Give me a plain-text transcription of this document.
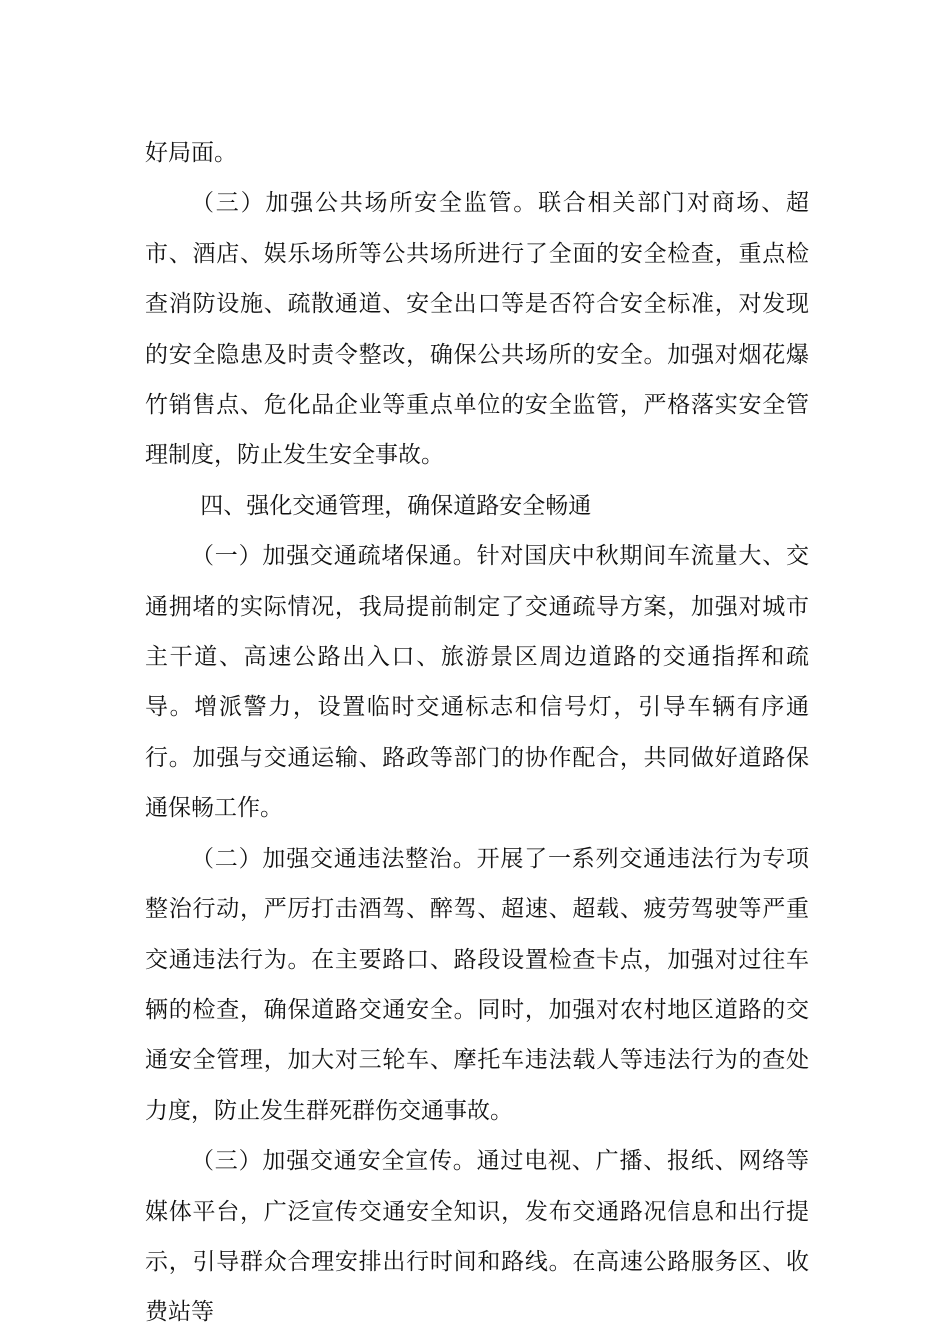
好局面。

（三）加强公共场所安全监管。联合相关部门对商场、超市、酒店、娱乐场所等公共场所进行了全面的安全检查，重点检查消防设施、疏散通道、安全出口等是否符合安全标准，对发现的安全隐患及时责令整改，确保公共场所的安全。加强对烟花爆竹销售点、危化品企业等重点单位的安全监管，严格落实安全管理制度，防止发生安全事故。

四、强化交通管理，确保道路安全畅通

（一）加强交通疏堵保通。针对国庆中秋期间车流量大、交通拥堵的实际情况，我局提前制定了交通疏导方案，加强对城市主干道、高速公路出入口、旅游景区周边道路的交通指挥和疏导。增派警力，设置临时交通标志和信号灯，引导车辆有序通行。加强与交通运输、路政等部门的协作配合，共同做好道路保通保畅工作。

（二）加强交通违法整治。开展了一系列交通违法行为专项整治行动，严厉打击酒驾、醉驾、超速、超载、疲劳驾驶等严重交通违法行为。在主要路口、路段设置检查卡点，加强对过往车辆的检查，确保道路交通安全。同时，加强对农村地区道路的交通安全管理，加大对三轮车、摩托车违法载人等违法行为的查处力度，防止发生群死群伤交通事故。

（三）加强交通安全宣传。通过电视、广播、报纸、网络等媒体平台，广泛宣传交通安全知识，发布交通路况信息和出行提示，引导群众合理安排出行时间和路线。在高速公路服务区、收费站等
